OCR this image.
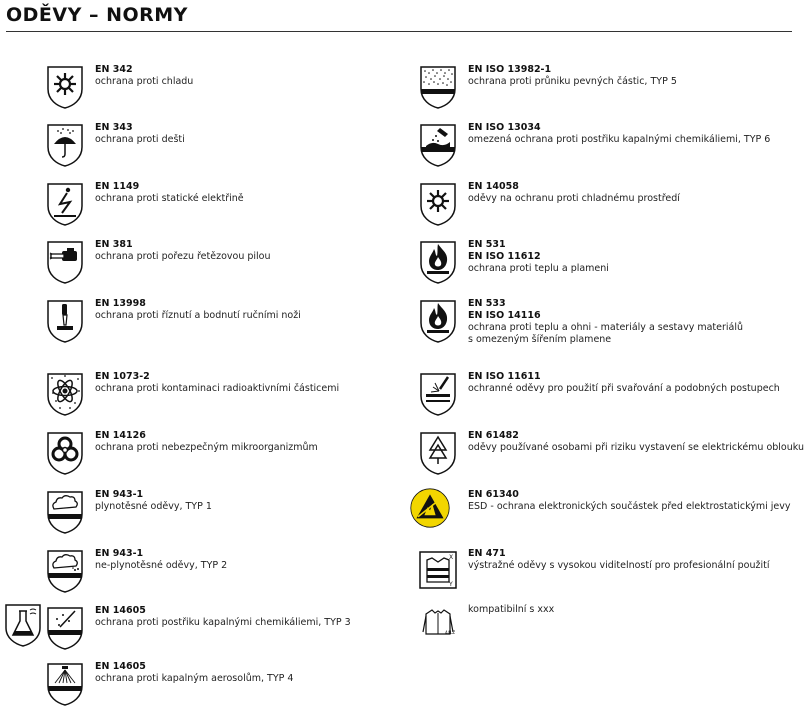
ODĚVY – NORMY
EN 342
ochrana proti chladu
EN 343
ochrana proti dešti
EN 1149
ochrana proti statické elektřině
EN 381
ochrana proti pořezu řetězovou pilou
EN 13998
ochrana proti říznutí a bodnutí ručními noži
EN 1073-2
ochrana proti kontaminaci radioaktivními částicemi
EN 14126
ochrana proti nebezpečným mikroorganizmům
EN 943-1
plynotěsné oděvy, TYP 1
EN 943-1
ne-plynotěsné oděvy, TYP 2
EN 14605
ochrana proti postřiku kapalnými chemikáliemi, TYP 3
EN 14605
ochrana proti kapalným aerosolům, TYP 4
EN ISO 13982-1
ochrana proti průniku pevných částic, TYP 5
EN ISO 13034
omezená ochrana proti postřiku kapalnými chemikáliemi, TYP 6
EN 14058
oděvy na ochranu proti chladnému prostředí
EN 531
EN ISO 11612
ochrana proti teplu a plameni
EN 533
EN ISO 14116
ochrana proti teplu a ohni - materiály a sestavy materiálů
s omezeným šířením plamene
EN ISO 11611
ochranné oděvy pro použití při svařování a podobných postupech
EN 61482
oděvy používané osobami při riziku vystavení se elektrickému oblouku
EN 61340
ESD - ochrana elektronických součástek před elektrostatickými jevy
X
Y
EN 471
výstražné oděvy s vysokou viditelností pro profesionální použití
44LZ
kompatibilní s xxx
